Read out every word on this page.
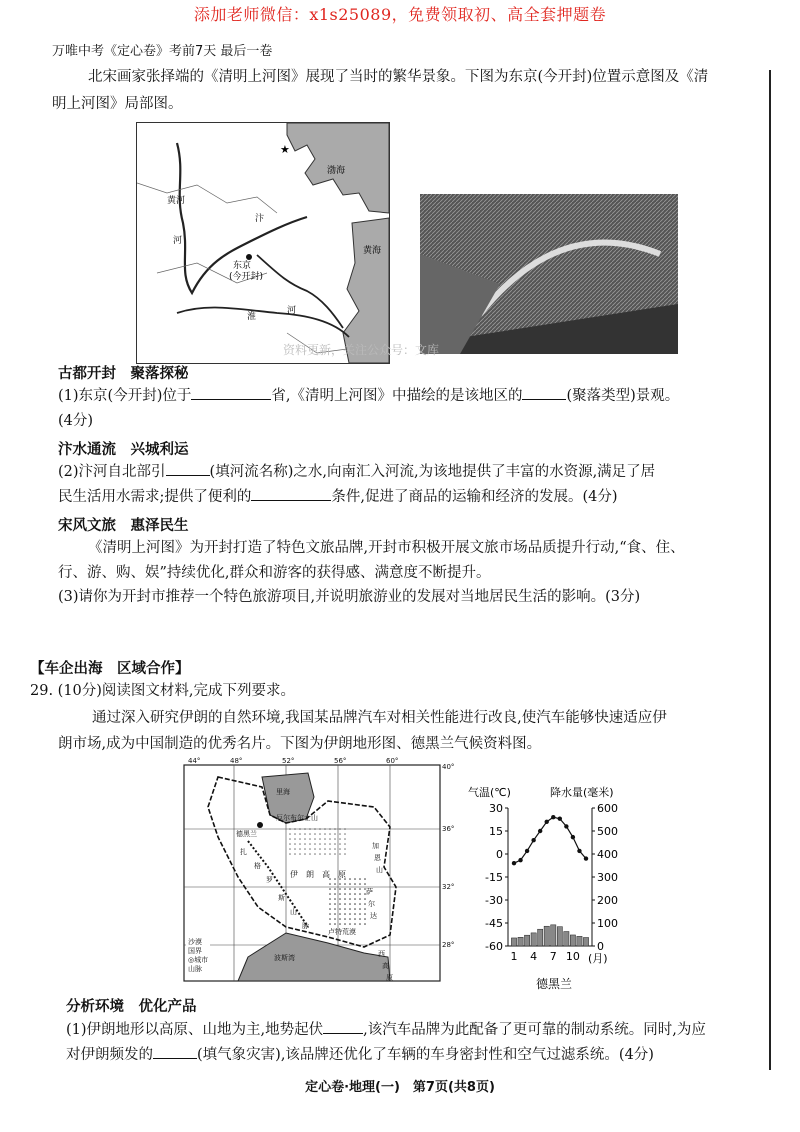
添加老师微信：x1s25089，免费领取初、高全套押题卷
万唯中考《定心卷》考前7天 最后一卷
北宋画家张择端的《清明上河图》展现了当时的繁华景象。下图为东京(今开封)位置示意图及《清
明上河图》局部图。
★
渤海
黄海
黄河
河
汴
东京
(今开封)
淮
河
资料更新，关注公众号：文库
古都开封　聚落探秘
(1)东京(今开封)位于	省,《清明上河图》中描绘的是该地区的	(聚落类型)景观。
(4分)
汴水通流　兴城利运
(2)汴河自北部引	(填河流名称)之水,向南汇入河流,为该地提供了丰富的水资源,满足了居
民生活用水需求;提供了便利的	条件,促进了商品的运输和经济的发展。(4分)
宋风文旅　惠泽民生
《清明上河图》为开封打造了特色文旅品牌,开封市积极开展文旅市场品质提升行动,“食、住、
行、游、购、娱”持续优化,群众和游客的获得感、满意度不断提升。
(3)请你为开封市推荐一个特色旅游项目,并说明旅游业的发展对当地居民生活的影响。(3分)
【车企出海　区域合作】
29. (10分)阅读图文材料,完成下列要求。
通过深入研究伊朗的自然环境,我国某品牌汽车对相关性能进行改良,使汽车能够快速适应伊
朗市场,成为中国制造的优秀名片。下图为伊朗地形图、德黑兰气候资料图。
44°	48°	52°	56°	60°
40°
36°
32°
28°
里海
厄尔布尔士山
德黑兰
扎
格
罗
斯
山
脉
伊　朗　高　原
加
恩
山
萨
尔
达
西
高
原
卢特荒漠
波斯湾
沙漠
国界
◎城市
山脉
气温(℃)	降水量(毫米)
30
15
0
-15
-30
-45
-60
600
500
400
300
200
100
0
1 4 7 10 (月)
德黑兰
分析环境　优化产品
(1)伊朗地形以高原、山地为主,地势起伏	,该汽车品牌为此配备了更可靠的制动系统。同时,为应
对伊朗频发的	(填气象灾害),该品牌还优化了车辆的车身密封性和空气过滤系统。(4分)
定心卷·地理(一)　第7页(共8页)
